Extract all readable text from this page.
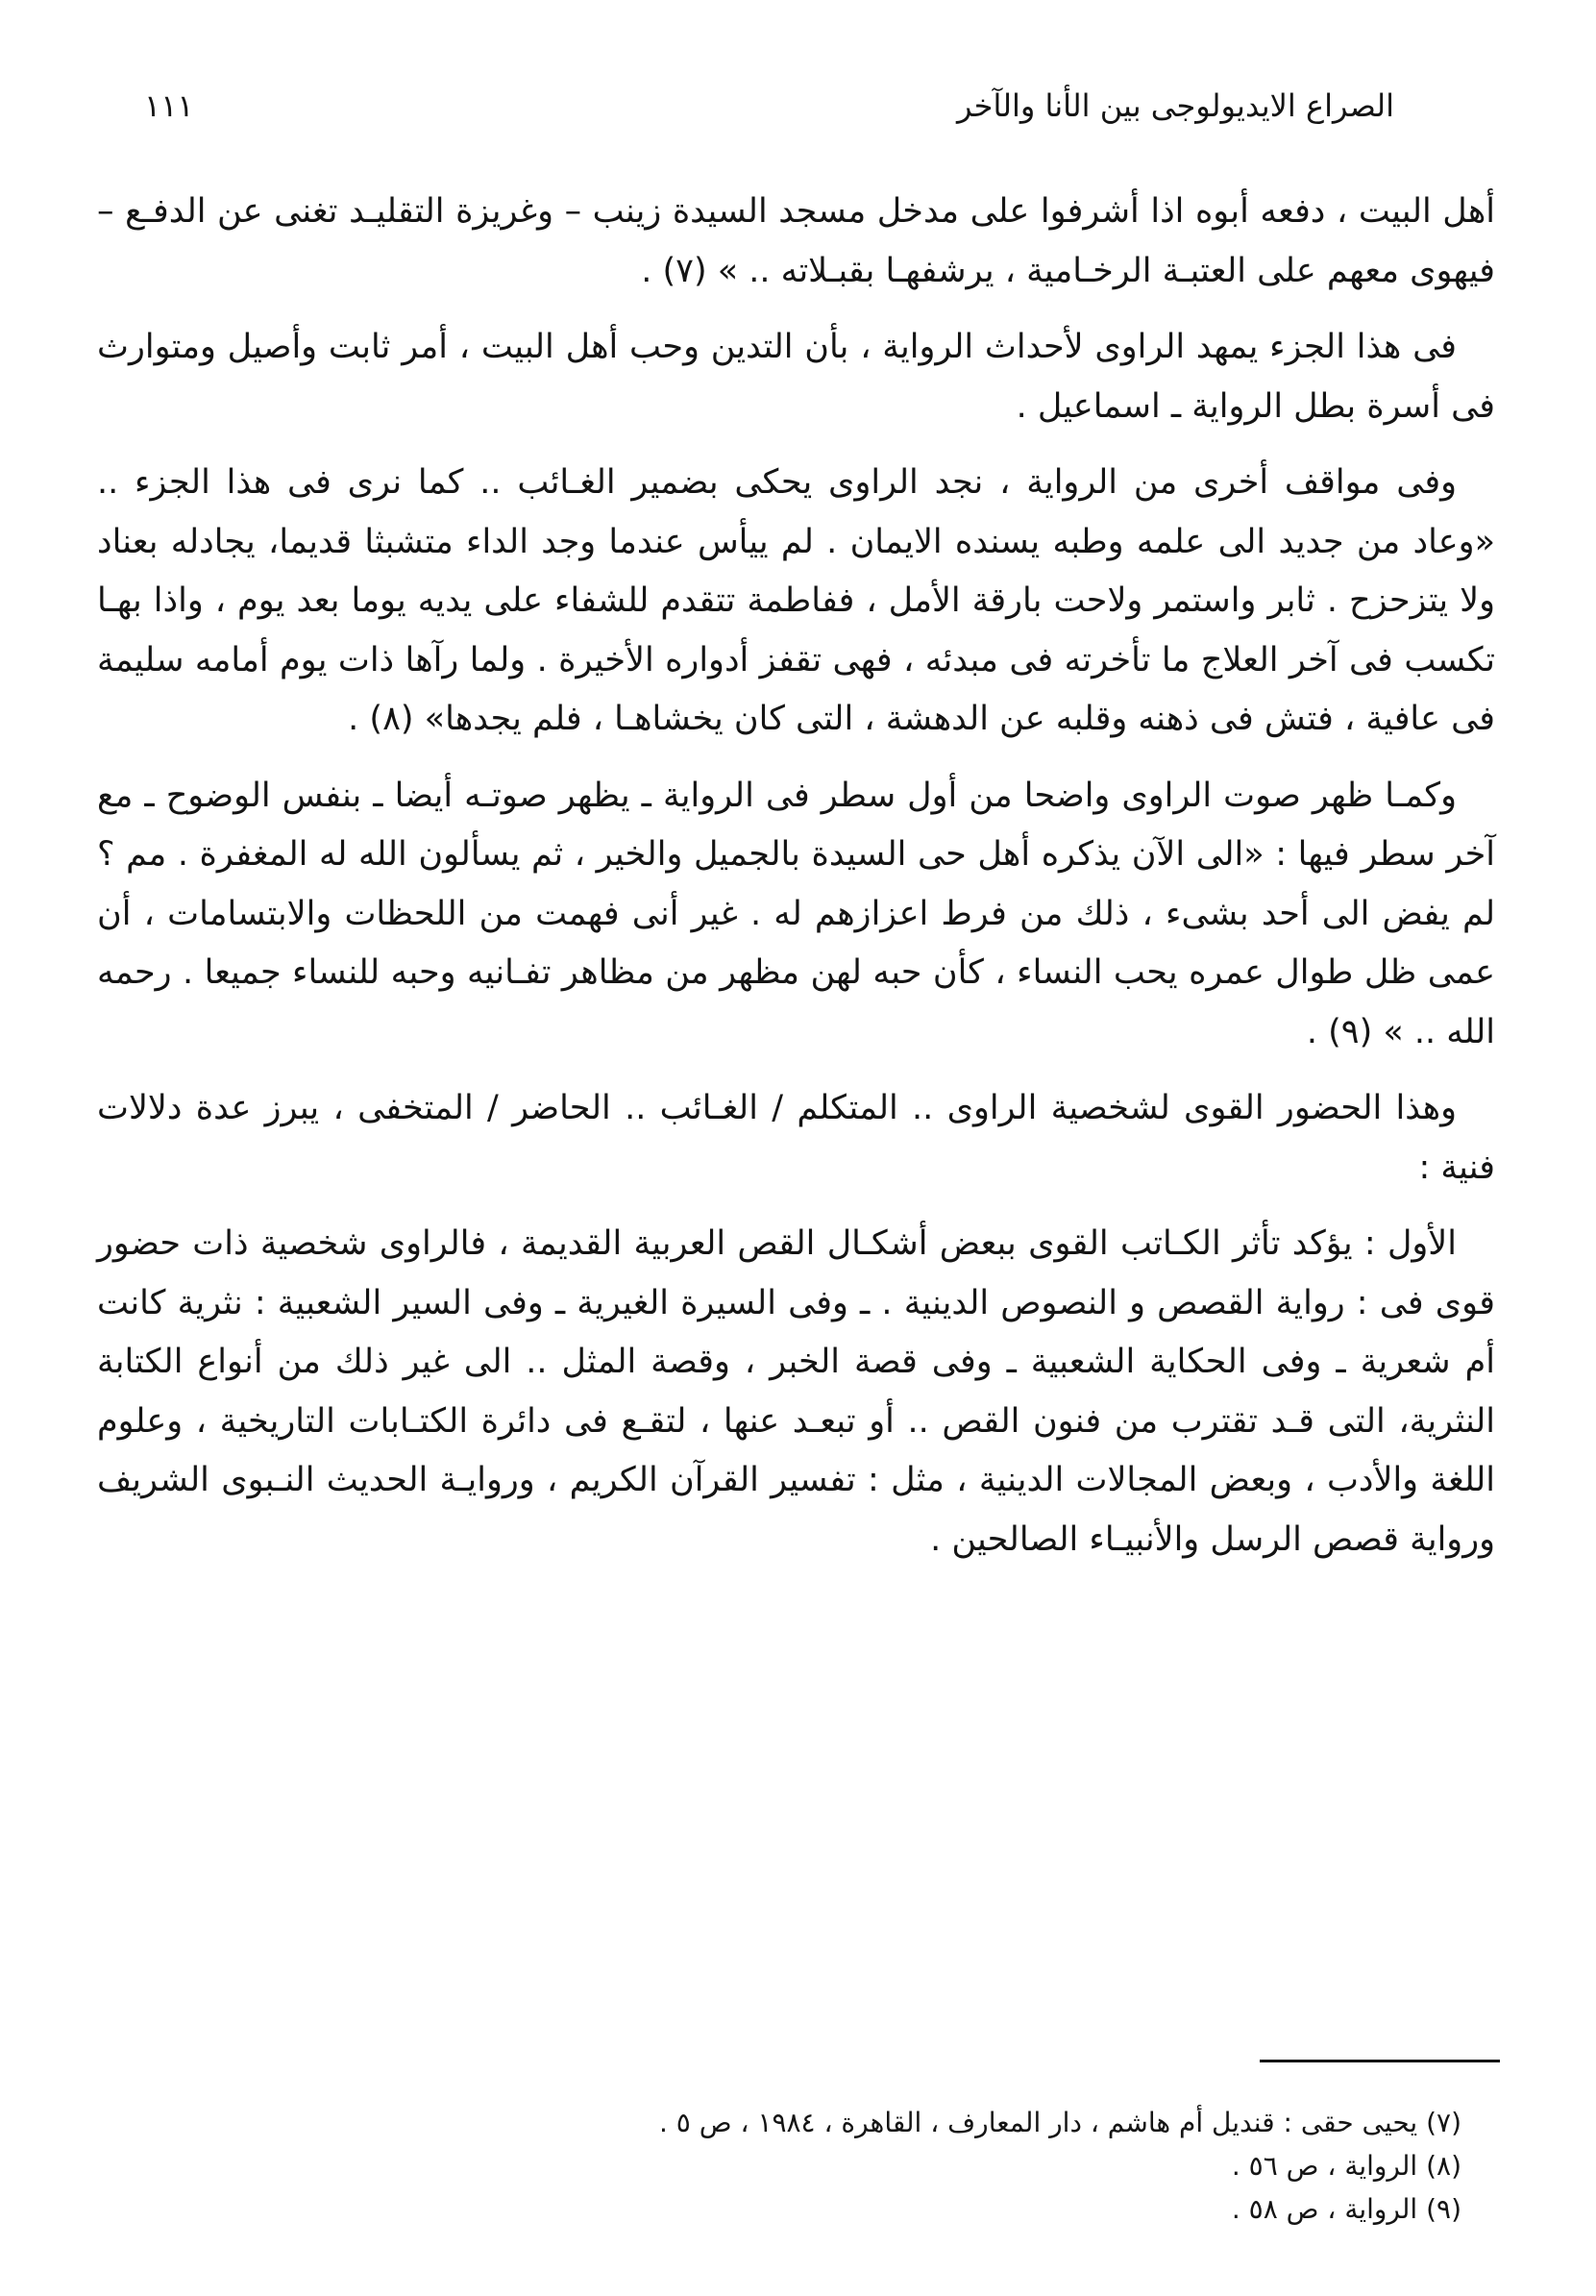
الصراع الايديولوجى بين الأنا والآخر
١١١

أهل البيت ، دفعه أبوه اذا أشرفوا على مدخل مسجد السيدة زينب – وغريزة التقليـد تغنى عن الدفـع – فيهوى معهم على العتبـة الرخـامية ، يرشفهـا بقبـلاته .. » (٧) .

فى هذا الجزء يمهد الراوى لأحداث الرواية ، بأن التدين وحب أهل البيت ، أمر ثابت وأصيل ومتوارث فى أسرة بطل الرواية ـ اسماعيل .

وفى مواقف أخرى من الرواية ، نجد الراوى يحكى بضمير الغـائب .. كما نرى فى هذا الجزء .. «وعاد من جديد الى علمه وطبه يسنده الايمان . لم ييأس عندما وجد الداء متشبثا قديما، يجادله بعناد ولا يتزحزح . ثابر واستمر ولاحت بارقة الأمل ، ففاطمة تتقدم للشفاء على يديه يوما بعد يوم ، واذا بهـا تكسب فى آخر العلاج ما تأخرته فى مبدئه ، فهى تقفز أدواره الأخيرة . ولما رآها ذات يوم أمامه سليمة فى عافية ، فتش فى ذهنه وقلبه عن الدهشة ، التى كان يخشاهـا ، فلم يجدها» (٨) .

وكمـا ظهر صوت الراوى واضحا من أول سطر فى الرواية ـ يظهر صوتـه أيضا ـ بنفس الوضوح ـ مع آخر سطر فيها : «الى الآن يذكره أهل حى السيدة بالجميل والخير ، ثم يسألون الله له المغفرة . مم ؟ لم يفض الى أحد بشىء ، ذلك من فرط اعزازهم له . غير أنى فهمت من اللحظات والابتسامات ، أن عمى ظل طوال عمره يحب النساء ، كأن حبه لهن مظهر من مظاهر تفـانيه وحبه للنساء جميعا . رحمه الله .. » (٩) .

وهذا الحضور القوى لشخصية الراوى .. المتكلم / الغـائب .. الحاضر / المتخفى ، يبرز عدة دلالات فنية :

الأول : يؤكد تأثر الكـاتب القوى ببعض أشكـال القص العربية القديمة ، فالراوى شخصية ذات حضور قوى فى : رواية القصص و النصوص الدينية . ـ وفى السيرة الغيرية ـ وفى السير الشعبية : نثرية كانت أم شعرية ـ وفى الحكاية الشعبية ـ وفى قصة الخبر ، وقصة المثل .. الى غير ذلك من أنواع الكتابة النثرية، التى قـد تقترب من فنون القص .. أو تبعـد عنها ، لتقـع فى دائرة الكتـابات التاريخية ، وعلوم اللغة والأدب ، وبعض المجالات الدينية ، مثل : تفسير القرآن الكريم ، وروايـة الحديث النـبوى الشريف ورواية قصص الرسل والأنبيـاء الصالحين .

(٧) يحيى حقى : قنديل أم هاشم ، دار المعارف ، القاهرة ، ١٩٨٤ ، ص ٥ .
(٨) الرواية ، ص ٥٦ .
(٩) الرواية ، ص ٥٨ .
